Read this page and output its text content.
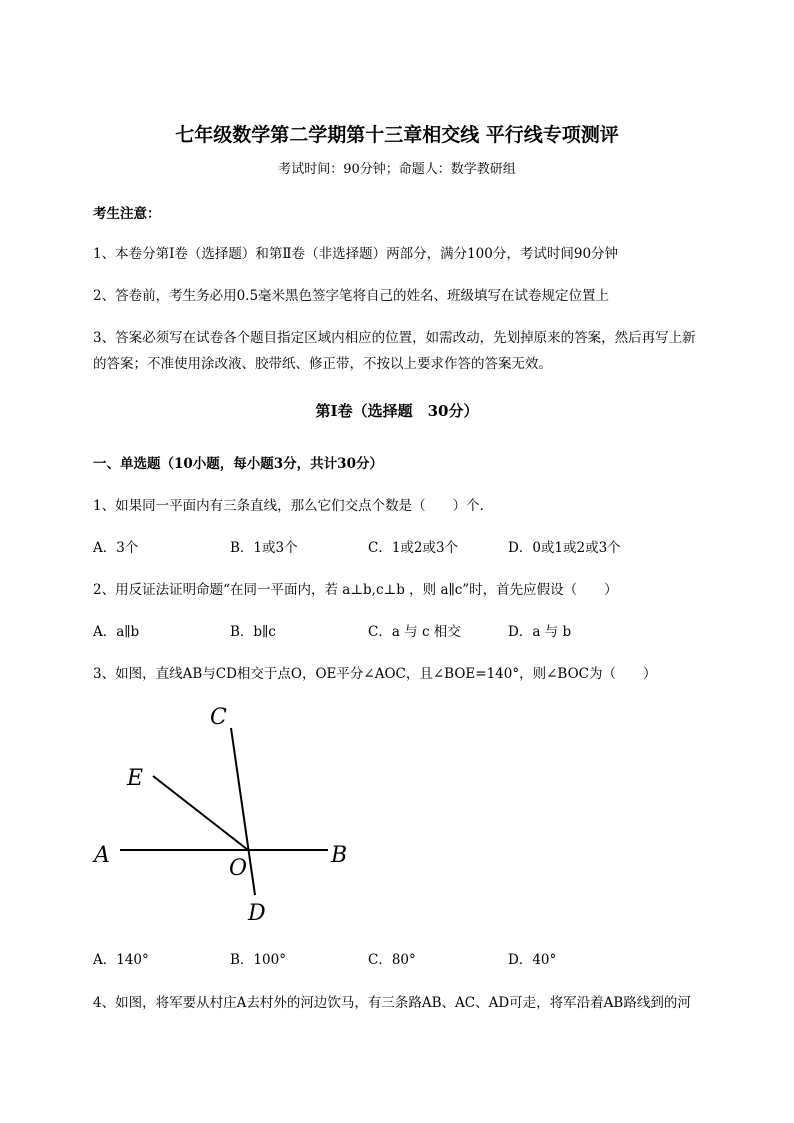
七年级数学第二学期第十三章相交线 平行线专项测评
考试时间：90分钟；命题人：数学教研组
考生注意：
1、本卷分第Ⅰ卷（选择题）和第Ⅱ卷（非选择题）两部分，满分100分，考试时间90分钟
2、答卷前，考生务必用0.5毫米黑色签字笔将自己的姓名、班级填写在试卷规定位置上
3、答案必须写在试卷各个题目指定区域内相应的位置，如需改动，先划掉原来的答案，然后再写上新
的答案；不准使用涂改液、胶带纸、修正带，不按以上要求作答的答案无效。
第Ⅰ卷（选择题　30分）
一、单选题（10小题，每小题3分，共计30分）
1、如果同一平面内有三条直线，那么它们交点个数是（　　）个．
A．3个	B．1或3个	C．1或2或3个	D．0或1或2或3个
2、用反证法证明命题“在同一平面内，若 a⊥b,c⊥b ，则 a∥c”时，首先应假设（　　）
A．a∥b	B．b∥c	C．a 与 c 相交	D．a 与 b
3、如图，直线AB与CD相交于点O，OE平分∠AOC，且∠BOE=140°，则∠BOC为（　　）
C
E
A	B
O
D
A．140°	B．100°	C．80°	D．40°
4、如图，将军要从村庄A去村外的河边饮马，有三条路AB、AC、AD可走，将军沿着AB路线到的河
